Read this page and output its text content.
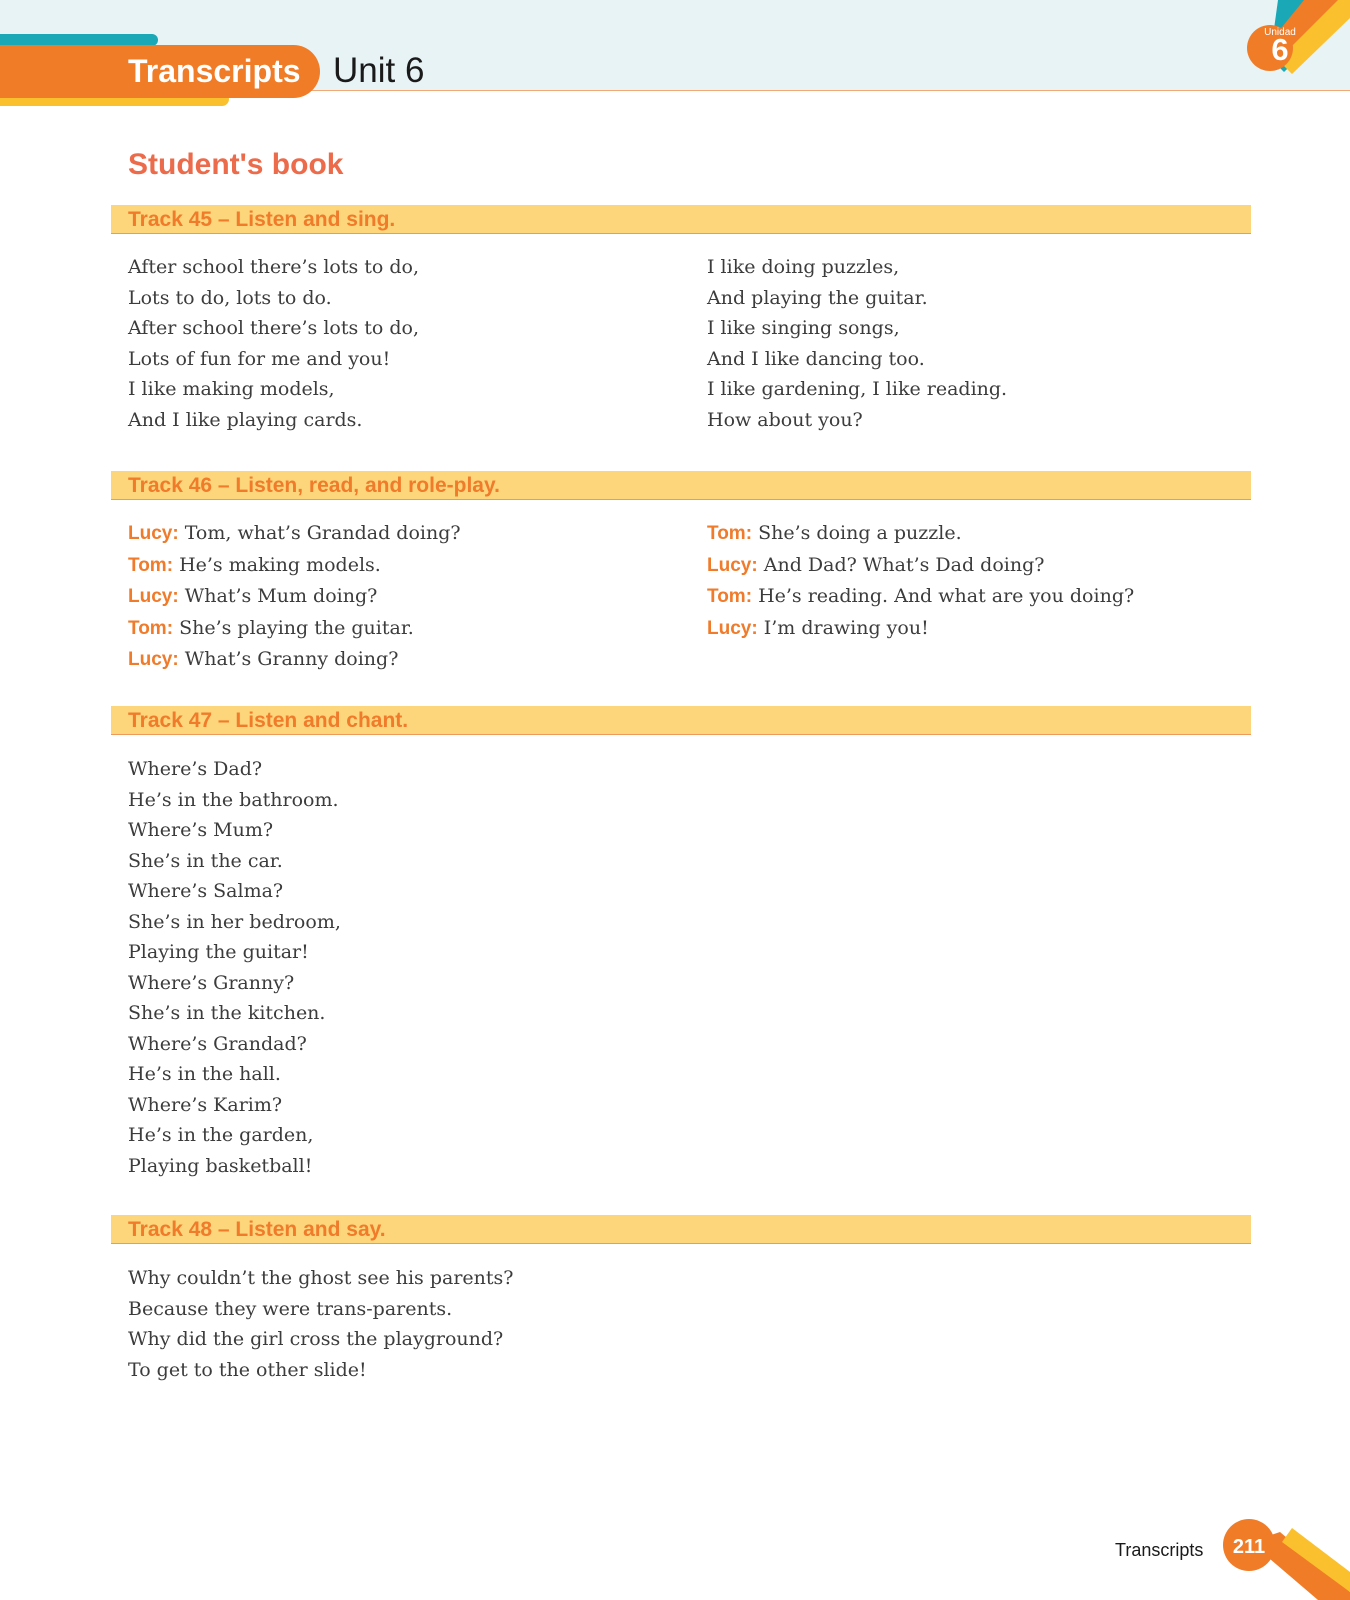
Transcripts Unit 6
Unidad
6
Student's book
Track 45 – Listen and sing.
After school there’s lots to do,
Lots to do, lots to do.
After school there’s lots to do,
Lots of fun for me and you!
I like making models,
And I like playing cards.
I like doing puzzles,
And playing the guitar.
I like singing songs,
And I like dancing too.
I like gardening, I like reading.
How about you?
Track 46 – Listen, read, and role-play.
Lucy: Tom, what’s Grandad doing?
Tom: He’s making models.
Lucy: What’s Mum doing?
Tom: She’s playing the guitar.
Lucy: What’s Granny doing?
Tom: She’s doing a puzzle.
Lucy: And Dad? What’s Dad doing?
Tom: He’s reading. And what are you doing?
Lucy: I’m drawing you!
Track 47 – Listen and chant.
Where’s Dad?
He’s in the bathroom.
Where’s Mum?
She’s in the car.
Where’s Salma?
She’s in her bedroom,
Playing the guitar!
Where’s Granny?
She’s in the kitchen.
Where’s Grandad?
He’s in the hall.
Where’s Karim?
He’s in the garden,
Playing basketball!
Track 48 – Listen and say.
Why couldn’t the ghost see his parents?
Because they were trans-parents.
Why did the girl cross the playground?
To get to the other slide!
Transcripts	211
